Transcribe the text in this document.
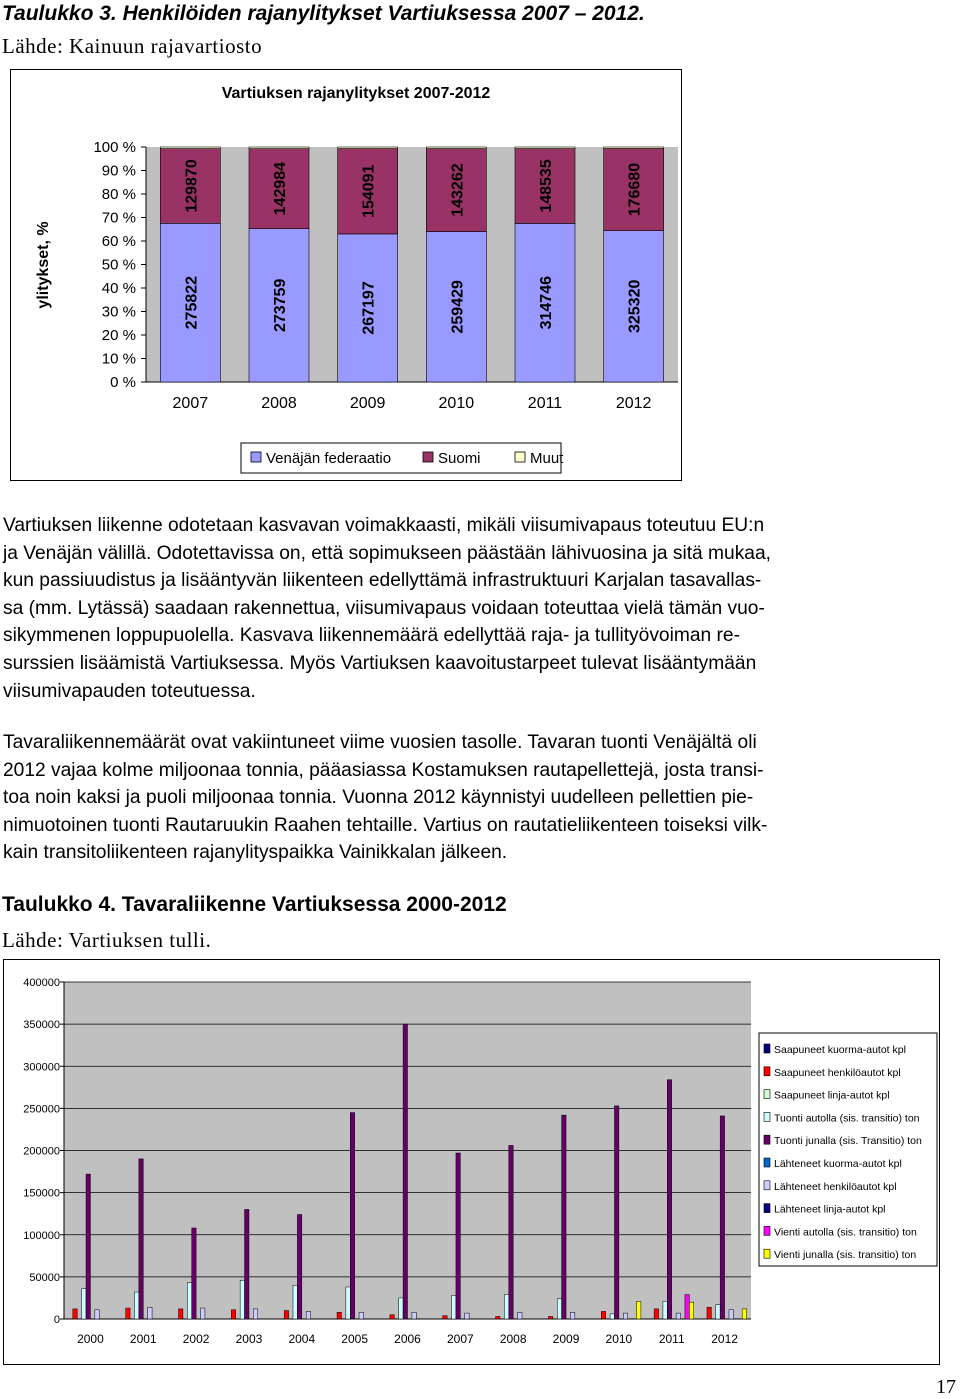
Taulukko 3. Henkilöiden rajanylitykset Vartiuksessa 2007 – 2012.
Lähde: Kainuun rajavartiosto
Vartiuksen rajanylitykset 2007-2012
0 %
10 %
20 %
30 %
40 %
50 %
60 %
70 %
80 %
90 %
100 %
ylitykset, %	275822
129870
2007
273759
142984
2008
267197
154091
2009
259429
143262
2010
314746
148535
2011
325320
176680
2012
Venäjän federaatio	Suomi	Muut

Vartiuksen liikenne odotetaan kasvavan voimakkaasti, mikäli viisumivapaus toteutuu EU:n

ja Venäjän välillä. Odotettavissa on, että sopimukseen päästään lähivuosina ja sitä mukaa,

kun passiuudistus ja lisääntyvän liikenteen edellyttämä infrastruktuuri Karjalan tasavallas-

sa (mm. Lytässä) saadaan rakennettua, viisumivapaus voidaan toteuttaa vielä tämän vuo-

sikymmenen loppupuolella. Kasvava liikennemäärä edellyttää raja- ja tullityövoiman re-

surssien lisäämistä Vartiuksessa. Myös Vartiuksen kaavoitustarpeet tulevat lisääntymään

viisumivapauden toteutuessa.

Tavaraliikennemäärät ovat vakiintuneet viime vuosien tasolle. Tavaran tuonti Venäjältä oli

2012 vajaa kolme miljoonaa tonnia, pääasiassa Kostamuksen rautapellettejä, josta transi-

toa noin kaksi ja puoli miljoonaa tonnia. Vuonna 2012 käynnistyi uudelleen pellettien pie-

nimuotoinen tuonti Rautaruukin Raahen tehtaille. Vartius on rautatieliikenteen toiseksi vilk-

kain transitoliikenteen rajanylityspaikka Vainikkalan jälkeen.

Taulukko 4. Tavaraliikenne Vartiuksessa 2000-2012
Lähde: Vartiuksen tulli.
0
50000
100000
150000
200000
250000
300000
350000
400000
2000 2001 2002 2003 2004 2005 2006 2007 2008 2009 2010 2011 2012
Saapuneet kuorma-autot kpl
Saapuneet henkilöautot kpl
Saapuneet linja-autot kpl
Tuonti autolla (sis. transitio) ton
Tuonti junalla (sis. Transitio) ton
Lähteneet kuorma-autot kpl
Lähteneet henkilöautot kpl
Lähteneet linja-autot kpl
Vienti autolla (sis. transitio) ton
Vienti junalla (sis. transitio) ton
17
